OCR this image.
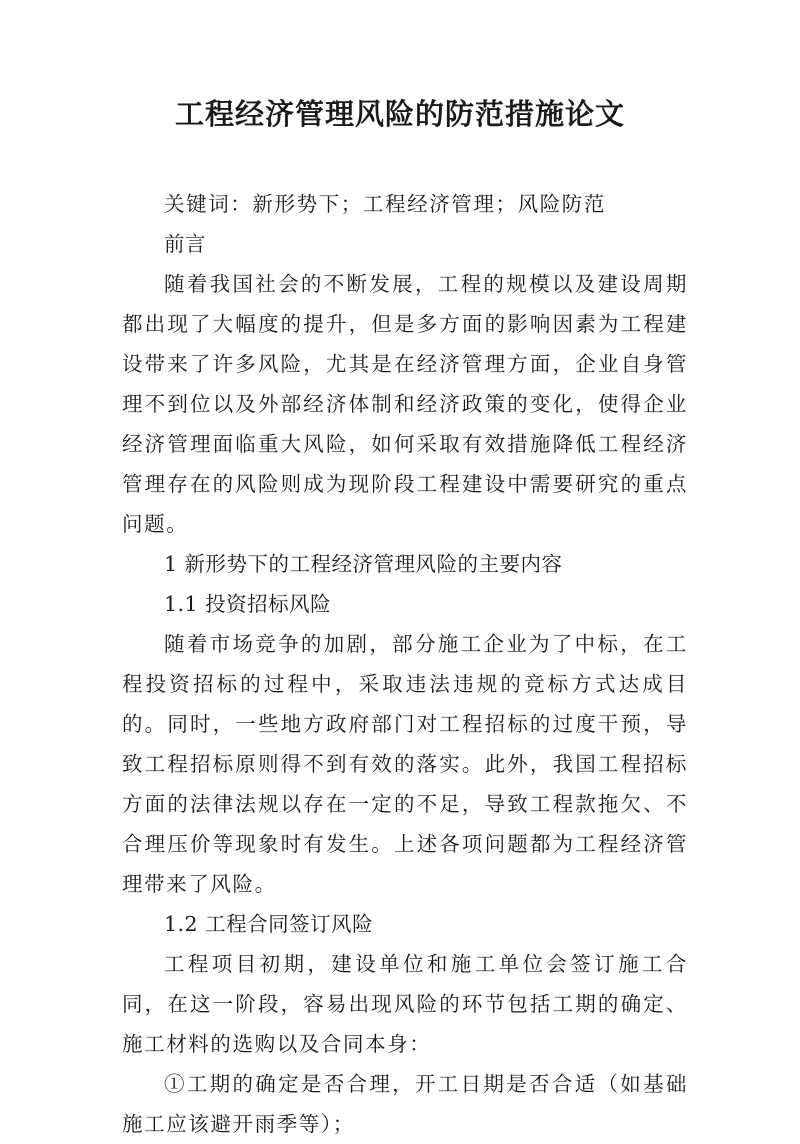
工程经济管理风险的防范措施论文

关键词：新形势下；工程经济管理；风险防范

前言

随着我国社会的不断发展，工程的规模以及建设周期都出现了大幅度的提升，但是多方面的影响因素为工程建设带来了许多风险，尤其是在经济管理方面，企业自身管理不到位以及外部经济体制和经济政策的变化，使得企业经济管理面临重大风险，如何采取有效措施降低工程经济管理存在的风险则成为现阶段工程建设中需要研究的重点问题。

1 新形势下的工程经济管理风险的主要内容

1.1 投资招标风险

随着市场竞争的加剧，部分施工企业为了中标，在工程投资招标的过程中，采取违法违规的竞标方式达成目的。同时，一些地方政府部门对工程招标的过度干预，导致工程招标原则得不到有效的落实。此外，我国工程招标方面的法律法规以存在一定的不足，导致工程款拖欠、不合理压价等现象时有发生。上述各项问题都为工程经济管理带来了风险。

1.2 工程合同签订风险

工程项目初期，建设单位和施工单位会签订施工合同，在这一阶段，容易出现风险的环节包括工期的确定、施工材料的选购以及合同本身：

①工期的确定是否合理，开工日期是否合适（如基础施工应该避开雨季等）；
